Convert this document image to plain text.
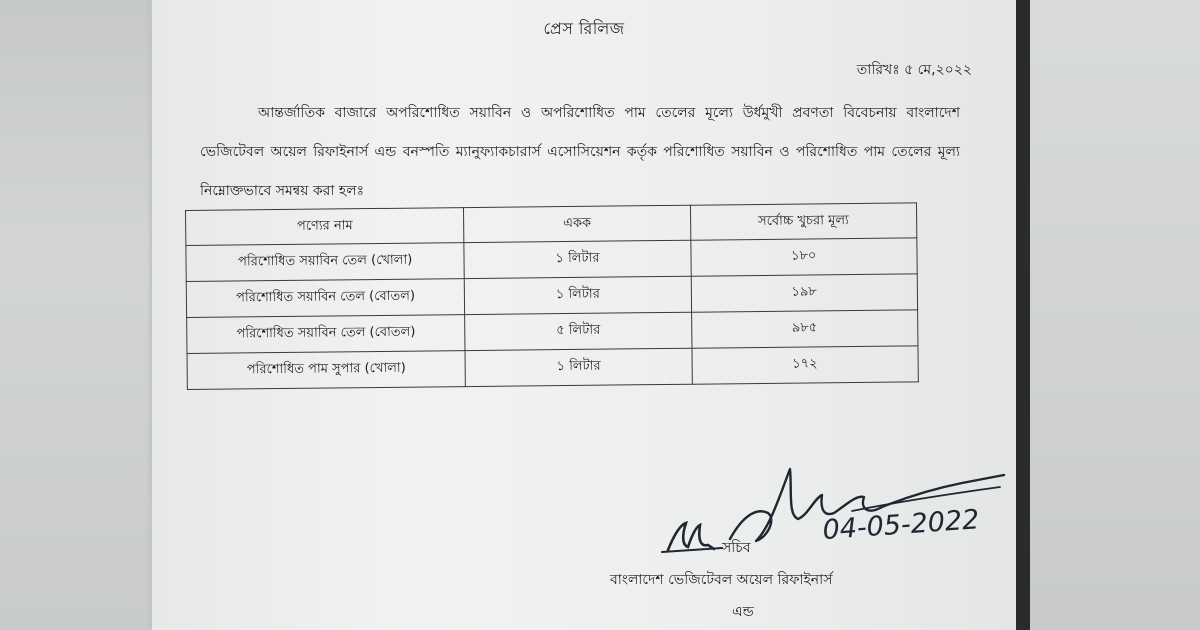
প্রেস রিলিজ
তারিখঃ ৫ মে,২০২২
আন্তর্জাতিক বাজারে অপরিশোধিত সয়াবিন ও অপরিশোধিত পাম তেলের মূল্যে উর্ধমুখী প্রবণতা বিবেচনায় বাংলাদেশ ভেজিটেবল অয়েল রিফাইনার্স এন্ড বনস্পতি ম্যানুফ্যাকচারার্স এসোসিয়েশন কর্তৃক পরিশোধিত সয়াবিন ও পরিশোধিত পাম তেলের মূল্য নিম্নোক্তভাবে সমন্বয় করা হলঃ
পণ্যের নাম	একক	সর্বোচ্চ খুচরা মূল্য
পরিশোধিত সয়াবিন তেল (খোলা)	১ লিটার	১৮০
পরিশোধিত সয়াবিন তেল (বোতল)	১ লিটার	১৯৮
পরিশোধিত সয়াবিন তেল (বোতল)	৫ লিটার	৯৮৫
পরিশোধিত পাম সুপার (খোলা)	১ লিটার	১৭২
04-05-2022
সচিব
বাংলাদেশ ভেজিটেবল অয়েল রিফাইনার্স
এন্ড
